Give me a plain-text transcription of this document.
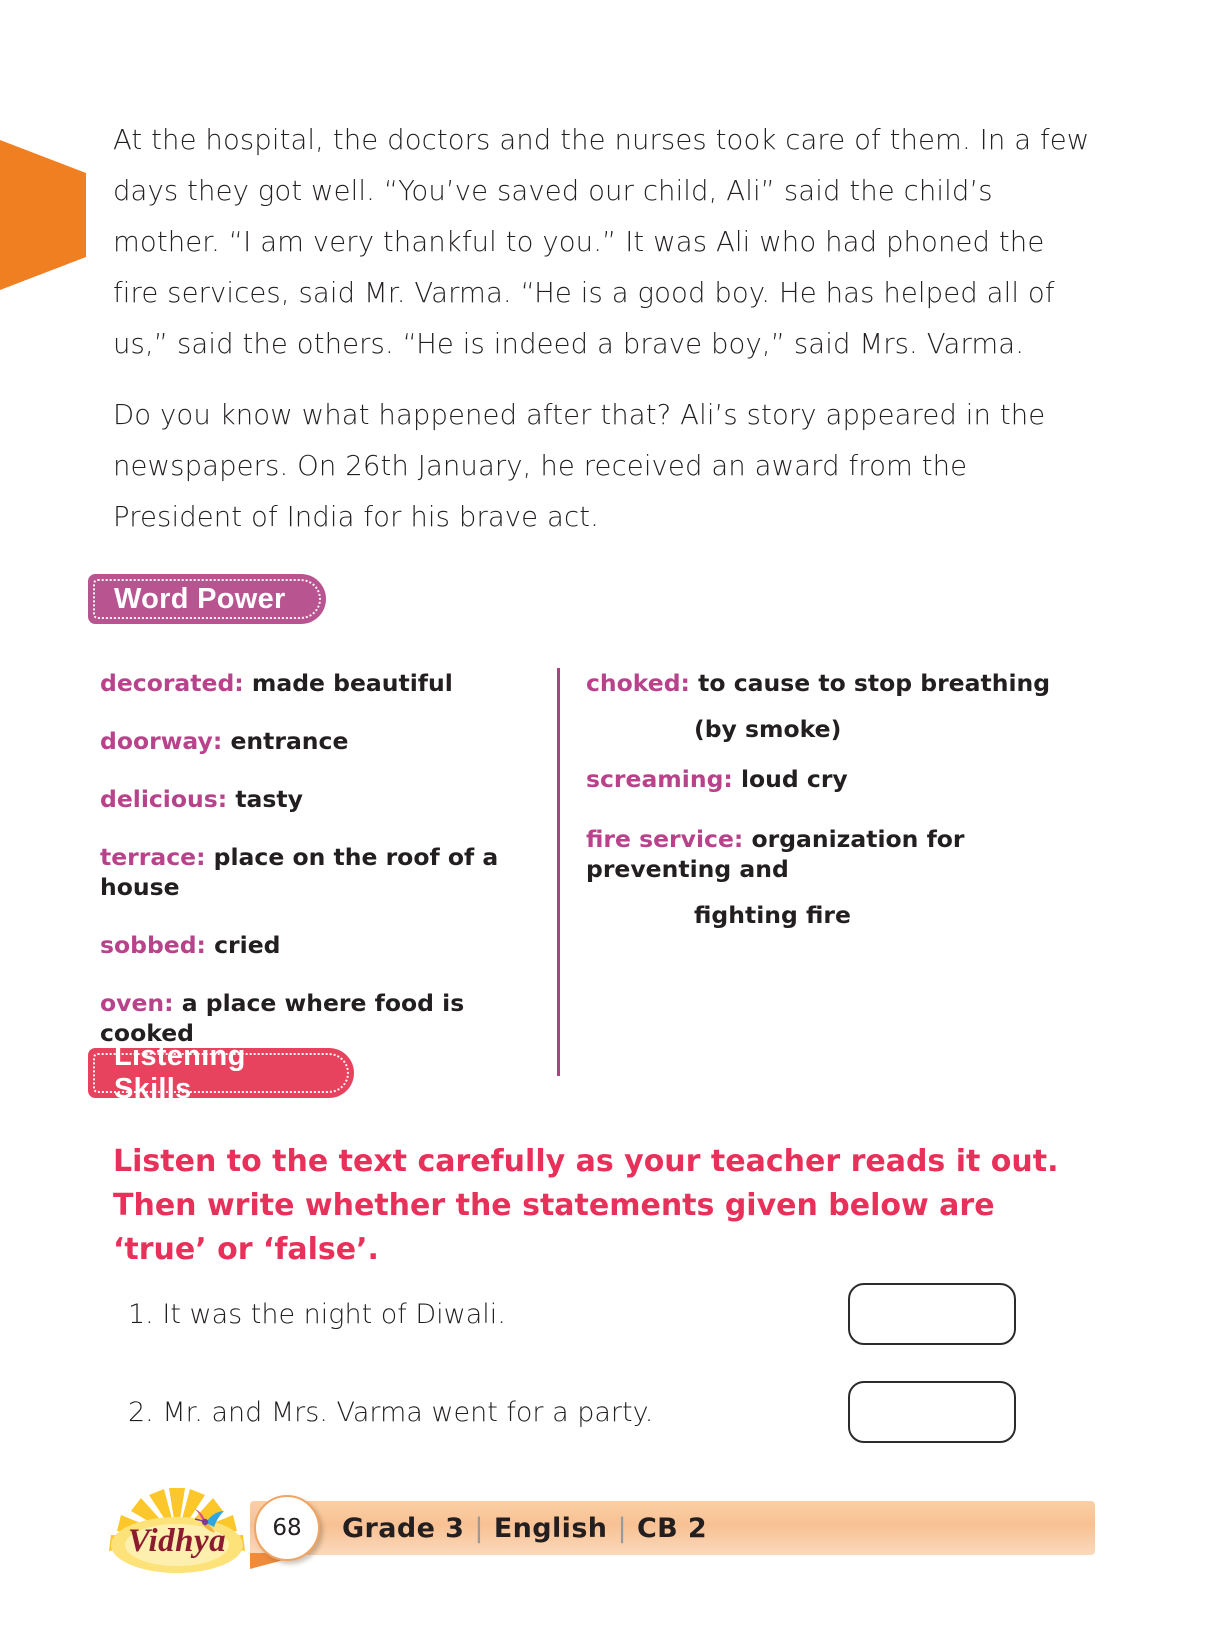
At the hospital, the doctors and the nurses took care of them. In a few days they got well. “You’ve saved our child, Ali” said the child’s mother. “I am very thankful to you.” It was Ali who had phoned the fire services, said Mr. Varma. “He is a good boy. He has helped all of us,” said the others. “He is indeed a brave boy,” said Mrs. Varma.

Do you know what happened after that? Ali’s story appeared in the newspapers. On 26th January, he received an award from the President of India for his brave act.

Word Power
decorated: made beautiful
doorway: entrance
delicious: tasty
terrace: place on the roof of a house
sobbed: cried
oven: a place where food is cooked
choked: to cause to stop breathing
(by smoke)
screaming: loud cry
fire service: organization for preventing and
fighting fire
Listening Skills

Listen to the text carefully as your teacher reads it out. Then write whether the statements given below are ‘true’ or ‘false’.

1. It was the night of Diwali.
2. Mr. and Mrs. Varma went for a party.
Vidhya	68	Grade 3 | English | CB 2
